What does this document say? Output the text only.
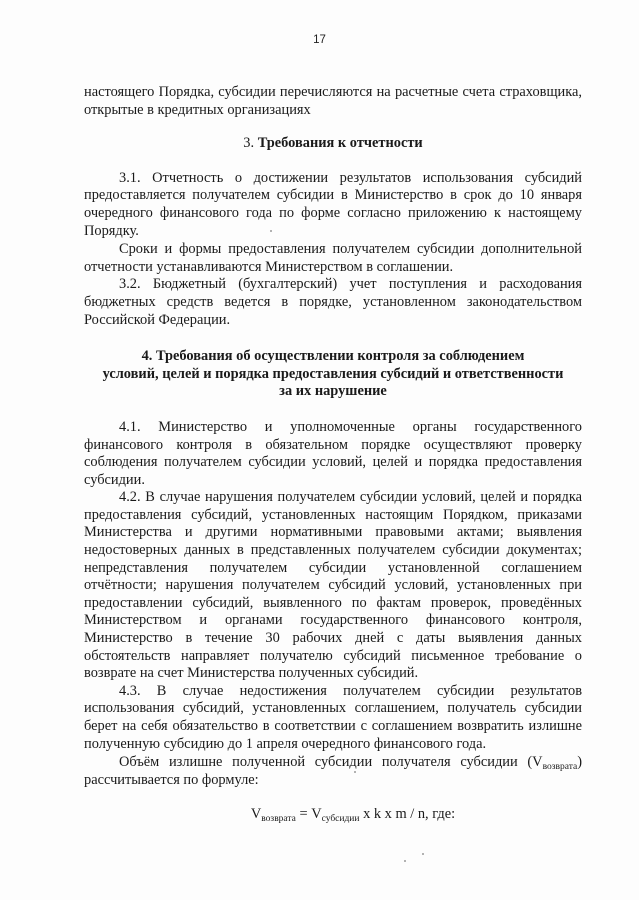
17

настоящего Порядка, субсидии перечисляются на расчетные счета страховщика, открытые в кредитных организациях

3. Требования к отчетности

3.1. Отчетность о достижении результатов использования субсидий предоставляется получателем субсидии в Министерство в срок до 10 января очередного финансового года по форме согласно приложению к настоящему Порядку.

Сроки и формы предоставления получателем субсидии дополнительной отчетности устанавливаются Министерством в соглашении.

3.2. Бюджетный (бухгалтерский) учет поступления и расходования бюджетных средств ведется в порядке, установленном законодательством Российской Федерации.

4. Требования об осуществлении контроля за соблюдением
условий, целей и порядка предоставления субсидий и ответственности
за их нарушение

4.1. Министерство и уполномоченные органы государственного финансового контроля в обязательном порядке осуществляют проверку соблюдения получателем субсидии условий, целей и порядка предоставления субсидии.

4.2. В случае нарушения получателем субсидии условий, целей и порядка предоставления субсидий, установленных настоящим Порядком, приказами Министерства и другими нормативными правовыми актами; выявления недостоверных данных в представленных получателем субсидии документах; непредставления получателем субсидии установленной соглашением отчётности; нарушения получателем субсидий условий, установленных при предоставлении субсидий, выявленного по фактам проверок, проведённых Министерством и органами государственного финансового контроля, Министерство в течение 30 рабочих дней с даты выявления данных обстоятельств направляет получателю субсидий письменное требование о возврате на счет Министерства полученных субсидий.

4.3. В случае недостижения получателем субсидии результатов использования субсидий, установленных соглашением, получатель субсидии берет на себя обязательство в соответствии с соглашением возвратить излишне полученную субсидию до 1 апреля очередного финансового года.

Объём излишне полученной субсидии получателя субсидии $(V_{возврата})$ рассчитывается по формуле:

$V_{возврата} = V_{субсидии}$ x k x m / n, где:
